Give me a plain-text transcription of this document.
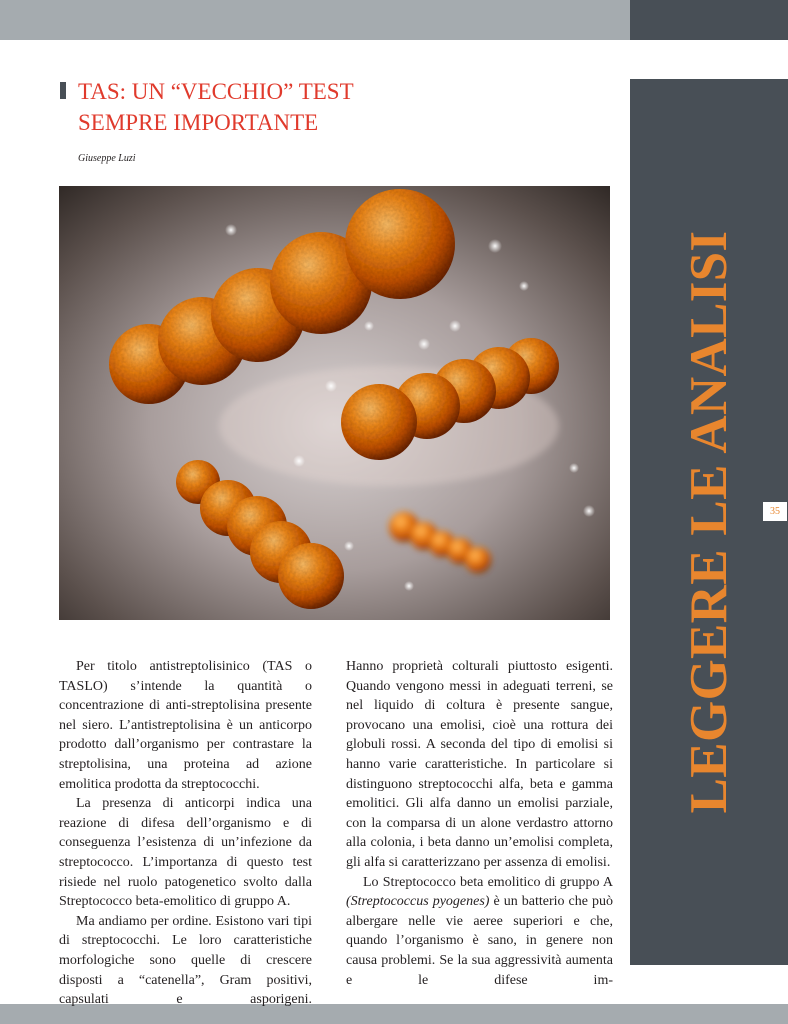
LEGGERE LE ANALISI	35
TAS: UN “VECCHIO” TEST
SEMPRE IMPORTANTE
Giuseppe Luzi

Per titolo antistreptolisinico (TAS o TASLO) s’intende la quantità o concentrazione di anti-streptolisina presente nel siero. L’antistreptolisina è un anticorpo prodotto dall’organismo per contrastare la streptolisina, una proteina ad azione emolitica prodotta da streptococchi.

La presenza di anticorpi indica una reazione di difesa dell’organismo e di conseguenza l’esistenza di un’infezione da streptococco. L’importanza di questo test risiede nel ruolo patogenetico svolto dalla Streptococco beta-emolitico di gruppo A.

Ma andiamo per ordine. Esistono vari tipi di streptococchi. Le loro caratteristiche morfologiche sono quelle di crescere disposti a “catenella”, Gram positivi, capsulati e asporigeni.

Hanno proprietà colturali piuttosto esigenti. Quando vengono messi in adeguati terreni, se nel liquido di coltura è presente sangue, provocano una emolisi, cioè una rottura dei globuli rossi. A seconda del tipo di emolisi si hanno varie caratteristiche. In particolare si distinguono streptococchi alfa, beta e gamma emolitici. Gli alfa danno un emolisi parziale, con la comparsa di un alone verdastro attorno alla colonia, i beta danno un’emolisi completa, gli alfa si caratterizzano per assenza di emolisi.

Lo Streptococco beta emolitico di gruppo A (Streptococcus pyogenes) è un batterio che può albergare nelle vie aeree superiori e che, quando l’organismo è sano, in genere non causa problemi. Se la sua aggressività aumenta e le difese im-
